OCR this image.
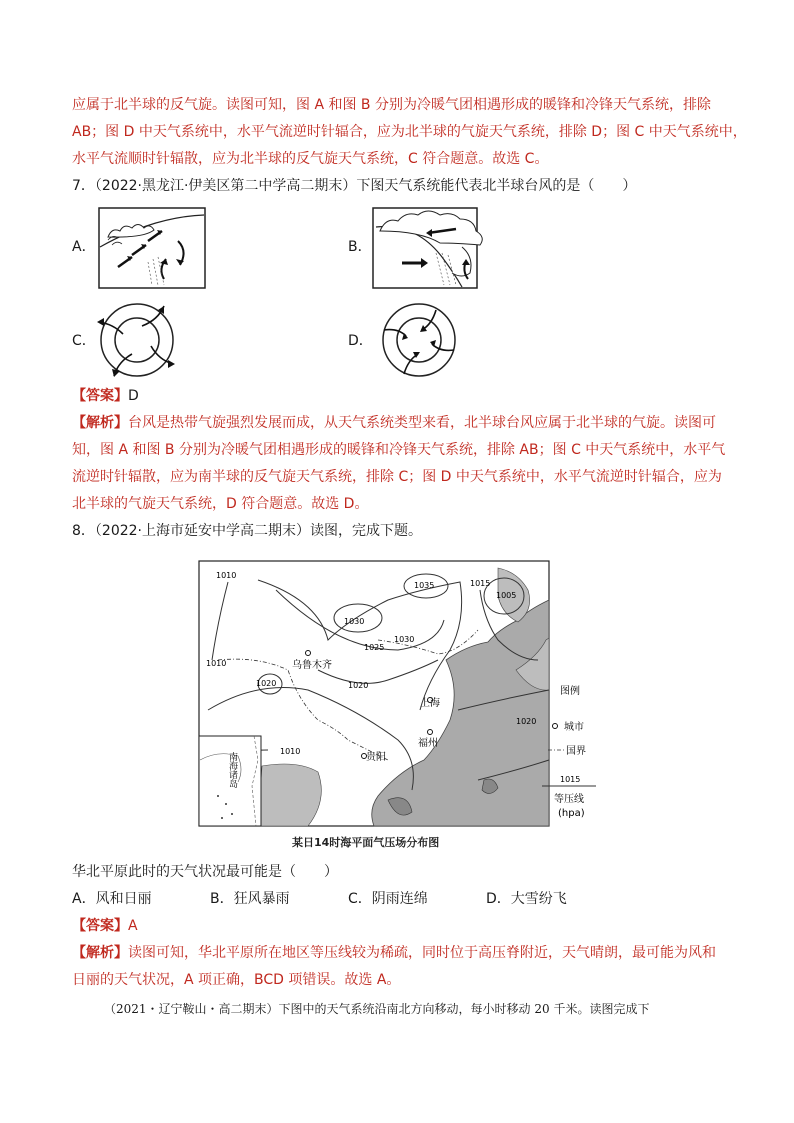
应属于北半球的反气旋。读图可知，图 A 和图 B 分别为冷暖气团相遇形成的暖锋和冷锋天气系统，排除
AB；图 D 中天气系统中，水平气流逆时针辐合，应为北半球的气旋天气系统，排除 D；图 C 中天气系统中，
水平气流顺时针辐散，应为北半球的反气旋天气系统，C 符合题意。故选 C。
7．（2022·黑龙江·伊美区第二中学高二期末）下图天气系统能代表北半球台风的是（　　）
A．	B．
C．	D．
【答案】D
【解析】台风是热带气旋强烈发展而成，从天气系统类型来看，北半球台风应属于北半球的气旋。读图可
知，图 A 和图 B 分别为冷暖气团相遇形成的暖锋和冷锋天气系统，排除 AB；图 C 中天气系统中，水平气
流逆时针辐散，应为南半球的反气旋天气系统，排除 C；图 D 中天气系统中，水平气流逆时针辐合，应为
北半球的气旋天气系统，D 符合题意。故选 D。
8．（2022·上海市延安中学高二期末）读图，完成下题。
南海诸岛
1010
1035	1015
1005
1030
1025
1030
1010
1020
1020
1010
乌鲁木齐
上海
福州
贵阳
图例
1020
城市
国界
1015
等压线
(hpa)
某日14时海平面气压场分布图
华北平原此时的天气状况最可能是（　　）
A．风和日丽	B．狂风暴雨	C．阴雨连绵	D．大雪纷飞
【答案】A
【解析】读图可知，华北平原所在地区等压线较为稀疏，同时位于高压脊附近，天气晴朗，最可能为风和
日丽的天气状况，A 项正确，BCD 项错误。故选 A。
（2021・辽宁鞍山・高二期末）下图中的天气系统沿南北方向移动，每小时移动 20 千米。读图完成下
